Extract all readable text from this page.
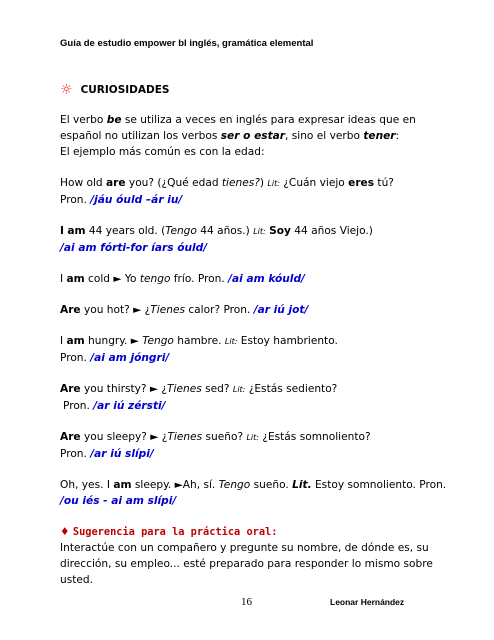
Guía de estudio empower bl inglés, gramática elemental
☼ CURIOSIDADES

El verbo be se utiliza a veces en inglés para expresar ideas que en
español no utilizan los verbos ser o estar, sino el verbo tener:
El ejemplo más común es con la edad:

How old are you? (¿Qué edad tienes?) Lit: ¿Cuán viejo eres tú?
Pron. /jáu óuld –ár iu/

I am 44 years old. (Tengo 44 años.) Lit: Soy 44 años Viejo.)
/ai am fórti-for íars óuld/

I am cold ► Yo tengo frío. Pron. /ai am kóuld/

Are you hot? ► ¿Tienes calor? Pron. /ar iú jot/

I am hungry. ► Tengo hambre. Lit: Estoy hambriento.
Pron. /ai am jóngri/

Are you thirsty? ► ¿Tienes sed? Lit: ¿Estás sediento?
Pron. /ar iú zérsti/

Are you sleepy? ► ¿Tienes sueño? Lit: ¿Estás somnoliento?
Pron. /ar iú slípi/

Oh, yes. I am sleepy. ►Ah, sí. Tengo sueño. Lit. Estoy somnoliento. Pron.
/ou iés - ai am slípi/

♦ Sugerencia para la práctica oral:
Interactúe con un compañero y pregunte su nombre, de dónde es, su
dirección, su empleo... esté preparado para responder lo mismo sobre
usted.

16	Leonar Hernández
